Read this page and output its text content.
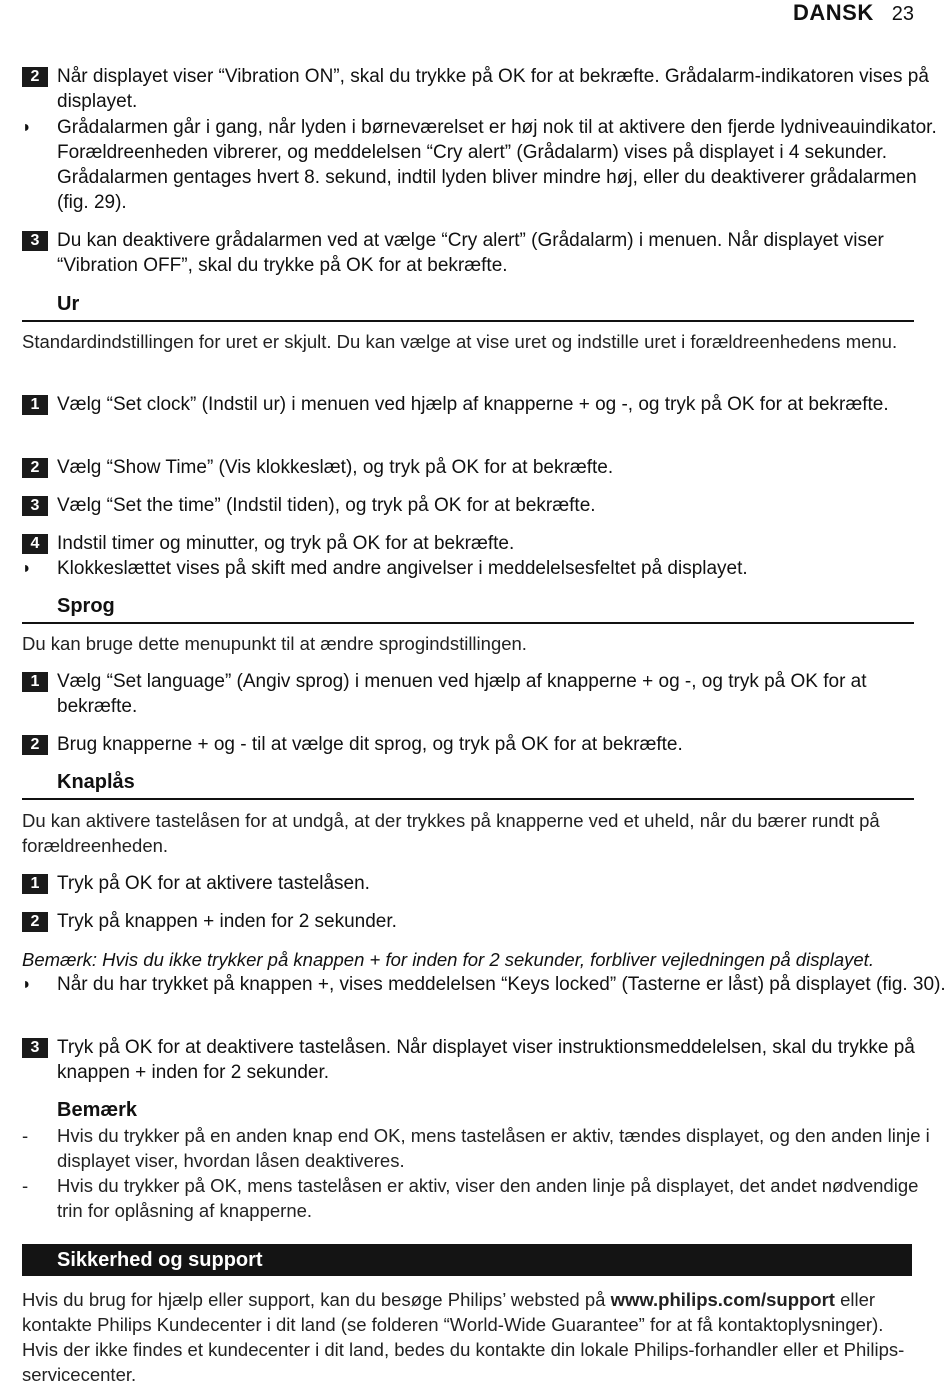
DANSK 23
2 Når displayet viser “Vibration ON”, skal du trykke på OK for at bekræfte. Grådalarm-indikatoren vises på displayet.
◗ Grådalarmen går i gang, når lyden i børneværelset er høj nok til at aktivere den fjerde lydniveauindikator. Forældreenheden vibrerer, og meddelelsen “Cry alert” (Grådalarm) vises på displayet i 4 sekunder. Grådalarmen gentages hvert 8. sekund, indtil lyden bliver mindre høj, eller du deaktiverer grådalarmen (fig. 29).
3 Du kan deaktivere grådalarmen ved at vælge “Cry alert” (Grådalarm) i menuen. Når displayet viser “Vibration OFF”, skal du trykke på OK for at bekræfte.
Ur
Standardindstillingen for uret er skjult. Du kan vælge at vise uret og indstille uret i forældreenhedens menu.
1 Vælg “Set clock” (Indstil ur) i menuen ved hjælp af knapperne + og -, og tryk på OK for at bekræfte.
2 Vælg “Show Time” (Vis klokkeslæt), og tryk på OK for at bekræfte.
3 Vælg “Set the time” (Indstil tiden), og tryk på OK for at bekræfte.
4 Indstil timer og minutter, og tryk på OK for at bekræfte.
◗ Klokkeslættet vises på skift med andre angivelser i meddelelsesfeltet på displayet.
Sprog
Du kan bruge dette menupunkt til at ændre sprogindstillingen.
1 Vælg “Set language” (Angiv sprog) i menuen ved hjælp af knapperne + og -, og tryk på OK for at bekræfte.
2 Brug knapperne + og - til at vælge dit sprog, og tryk på OK for at bekræfte.
Knaplås
Du kan aktivere tastelåsen for at undgå, at der trykkes på knapperne ved et uheld, når du bærer rundt på forældreenheden.
1 Tryk på OK for at aktivere tastelåsen.
2 Tryk på knappen + inden for 2 sekunder.
Bemærk: Hvis du ikke trykker på knappen + for inden for 2 sekunder, forbliver vejledningen på displayet.
◗ Når du har trykket på knappen +, vises meddelelsen “Keys locked” (Tasterne er låst) på displayet (fig. 30).
3 Tryk på OK for at deaktivere tastelåsen. Når displayet viser instruktionsmeddelelsen, skal du trykke på knappen + inden for 2 sekunder.
Bemærk
- Hvis du trykker på en anden knap end OK, mens tastelåsen er aktiv, tændes displayet, og den anden linje i displayet viser, hvordan låsen deaktiveres.
- Hvis du trykker på OK, mens tastelåsen er aktiv, viser den anden linje på displayet, det andet nødvendige trin for oplåsning af knapperne.
Sikkerhed og support
Hvis du brug for hjælp eller support, kan du besøge Philips’ websted på www.philips.com/support eller kontakte Philips Kundecenter i dit land (se folderen “World-Wide Guarantee” for at få kontaktoplysninger). Hvis der ikke findes et kundecenter i dit land, bedes du kontakte din lokale Philips-forhandler eller et Philips-servicecenter.
